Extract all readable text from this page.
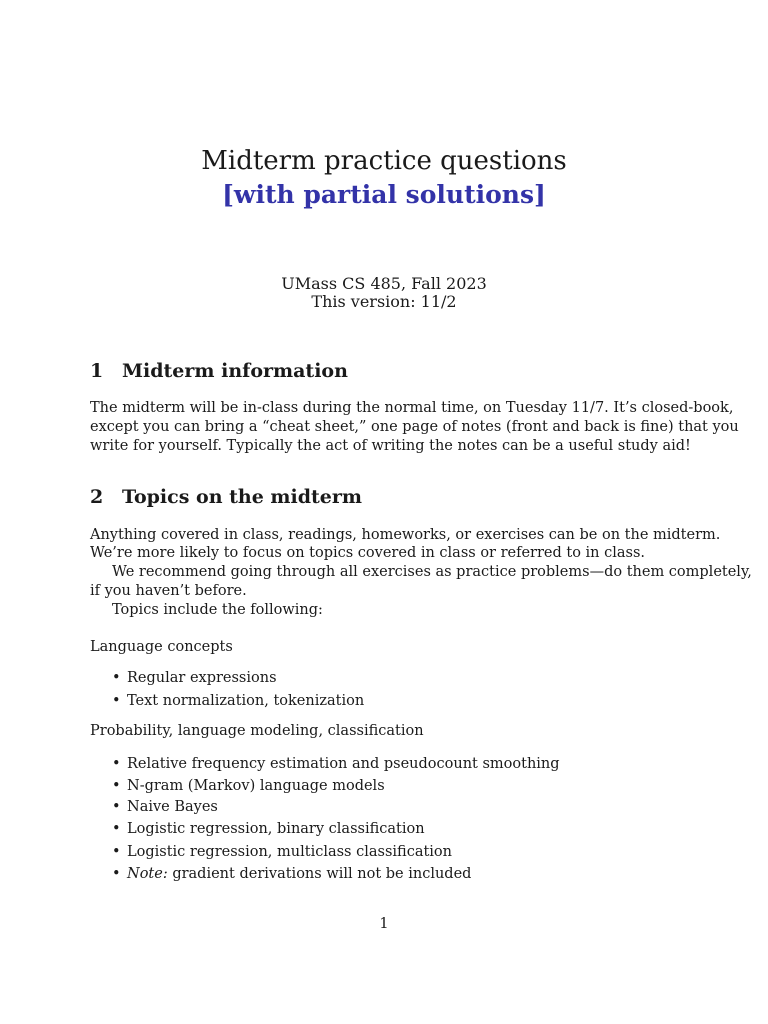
Midterm practice questions
[with partial solutions]
UMass CS 485, Fall 2023
This version: 11/2
1 Midterm information
The midterm will be in-class during the normal time, on Tuesday 11/7. It’s closed-book,
except you can bring a “cheat sheet,” one page of notes (front and back is fine) that you
write for yourself. Typically the act of writing the notes can be a useful study aid!
2 Topics on the midterm
Anything covered in class, readings, homeworks, or exercises can be on the midterm.
We’re more likely to focus on topics covered in class or referred to in class.
We recommend going through all exercises as practice problems—do them completely,
if you haven’t before.
Topics include the following:
Language concepts
• Regular expressions
• Text normalization, tokenization
Probability, language modeling, classification
• Relative frequency estimation and pseudocount smoothing
• N-gram (Markov) language models
• Naive Bayes
• Logistic regression, binary classification
• Logistic regression, multiclass classification
• Note: gradient derivations will not be included
1
